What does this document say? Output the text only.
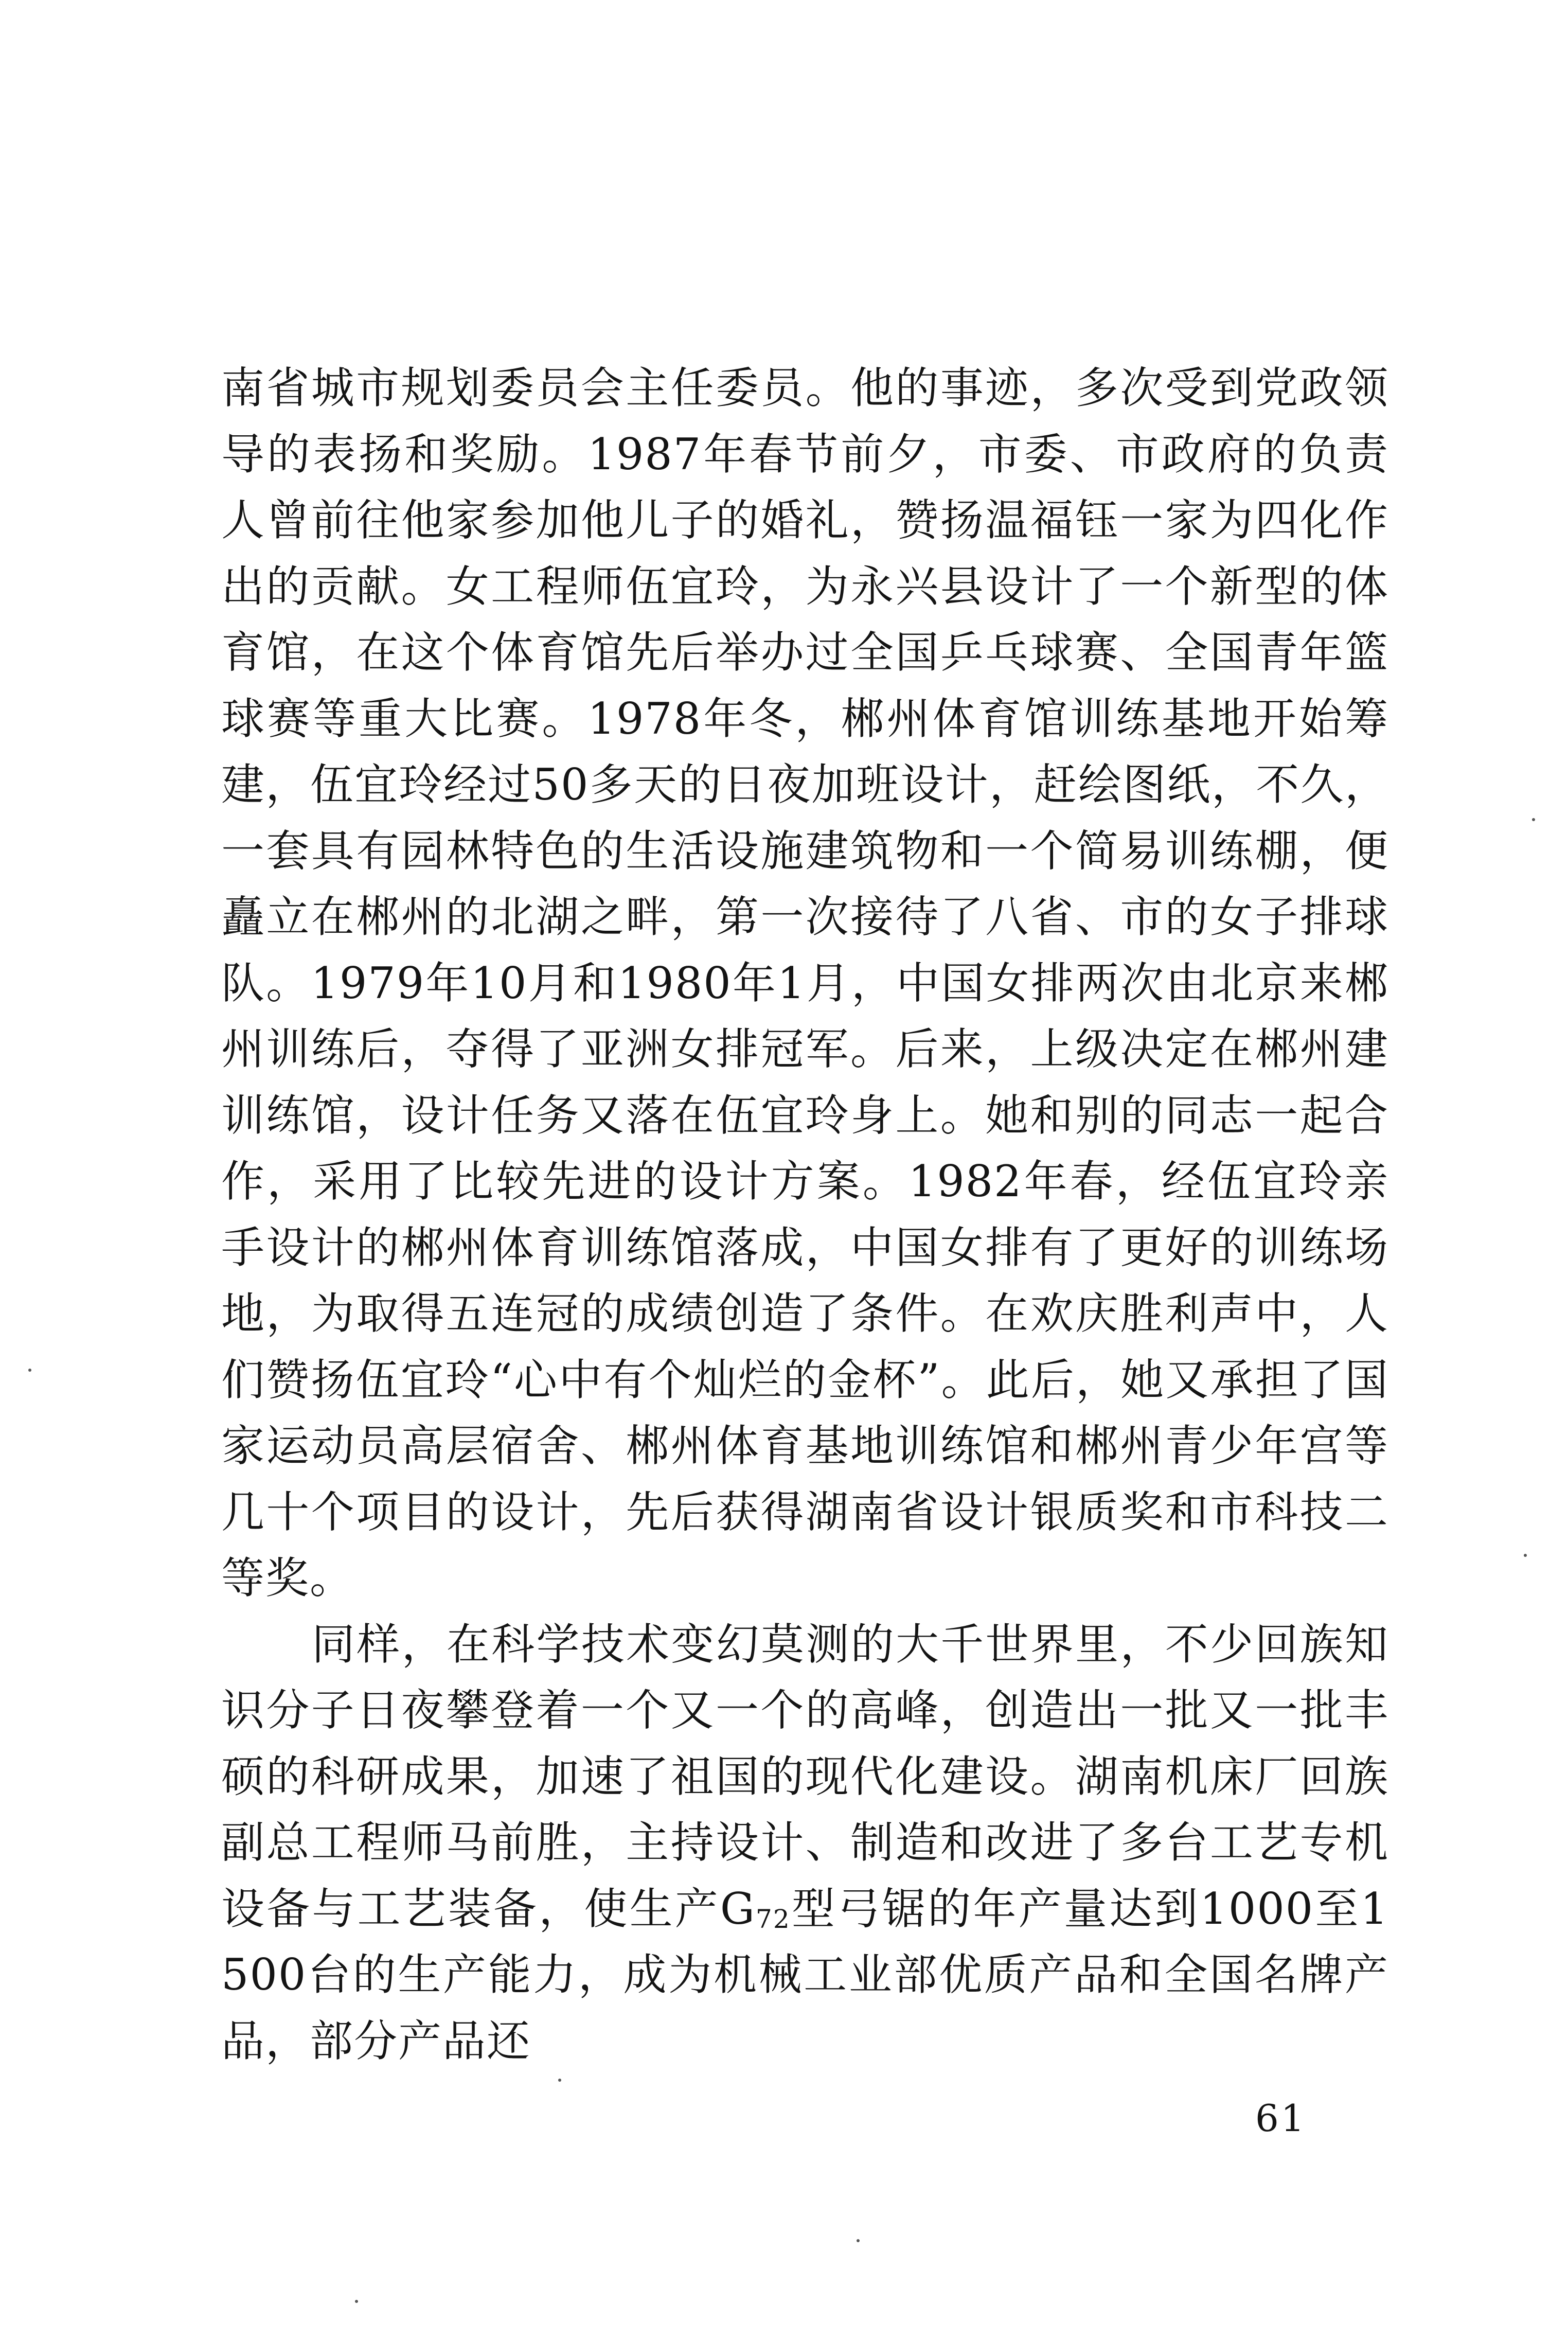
南省城市规划委员会主任委员。他的事迹，多次受到党政领导的表扬和奖励。1987年春节前夕，市委、市政府的负责人曾前往他家参加他儿子的婚礼，赞扬温福钰一家为四化作出的贡献。女工程师伍宜玲，为永兴县设计了一个新型的体育馆，在这个体育馆先后举办过全国乒乓球赛、全国青年篮球赛等重大比赛。1978年冬，郴州体育馆训练基地开始筹建，伍宜玲经过50多天的日夜加班设计，赶绘图纸，不久，一套具有园林特色的生活设施建筑物和一个简易训练棚，便矗立在郴州的北湖之畔，第一次接待了八省、市的女子排球队。1979年10月和1980年1月，中国女排两次由北京来郴州训练后，夺得了亚洲女排冠军。后来，上级决定在郴州建训练馆，设计任务又落在伍宜玲身上。她和别的同志一起合作，采用了比较先进的设计方案。1982年春，经伍宜玲亲手设计的郴州体育训练馆落成，中国女排有了更好的训练场地，为取得五连冠的成绩创造了条件。在欢庆胜利声中，人们赞扬伍宜玲“心中有个灿烂的金杯”。此后，她又承担了国家运动员高层宿舍、郴州体育基地训练馆和郴州青少年宫等几十个项目的设计，先后获得湖南省设计银质奖和市科技二等奖。

同样，在科学技术变幻莫测的大千世界里，不少回族知识分子日夜攀登着一个又一个的高峰，创造出一批又一批丰硕的科研成果，加速了祖国的现代化建设。湖南机床厂回族副总工程师马前胜，主持设计、制造和改进了多台工艺专机设备与工艺装备，使生产$G_{72}$型弓锯的年产量达到1000至1500台的生产能力，成为机械工业部优质产品和全国名牌产品，部分产品还

61
